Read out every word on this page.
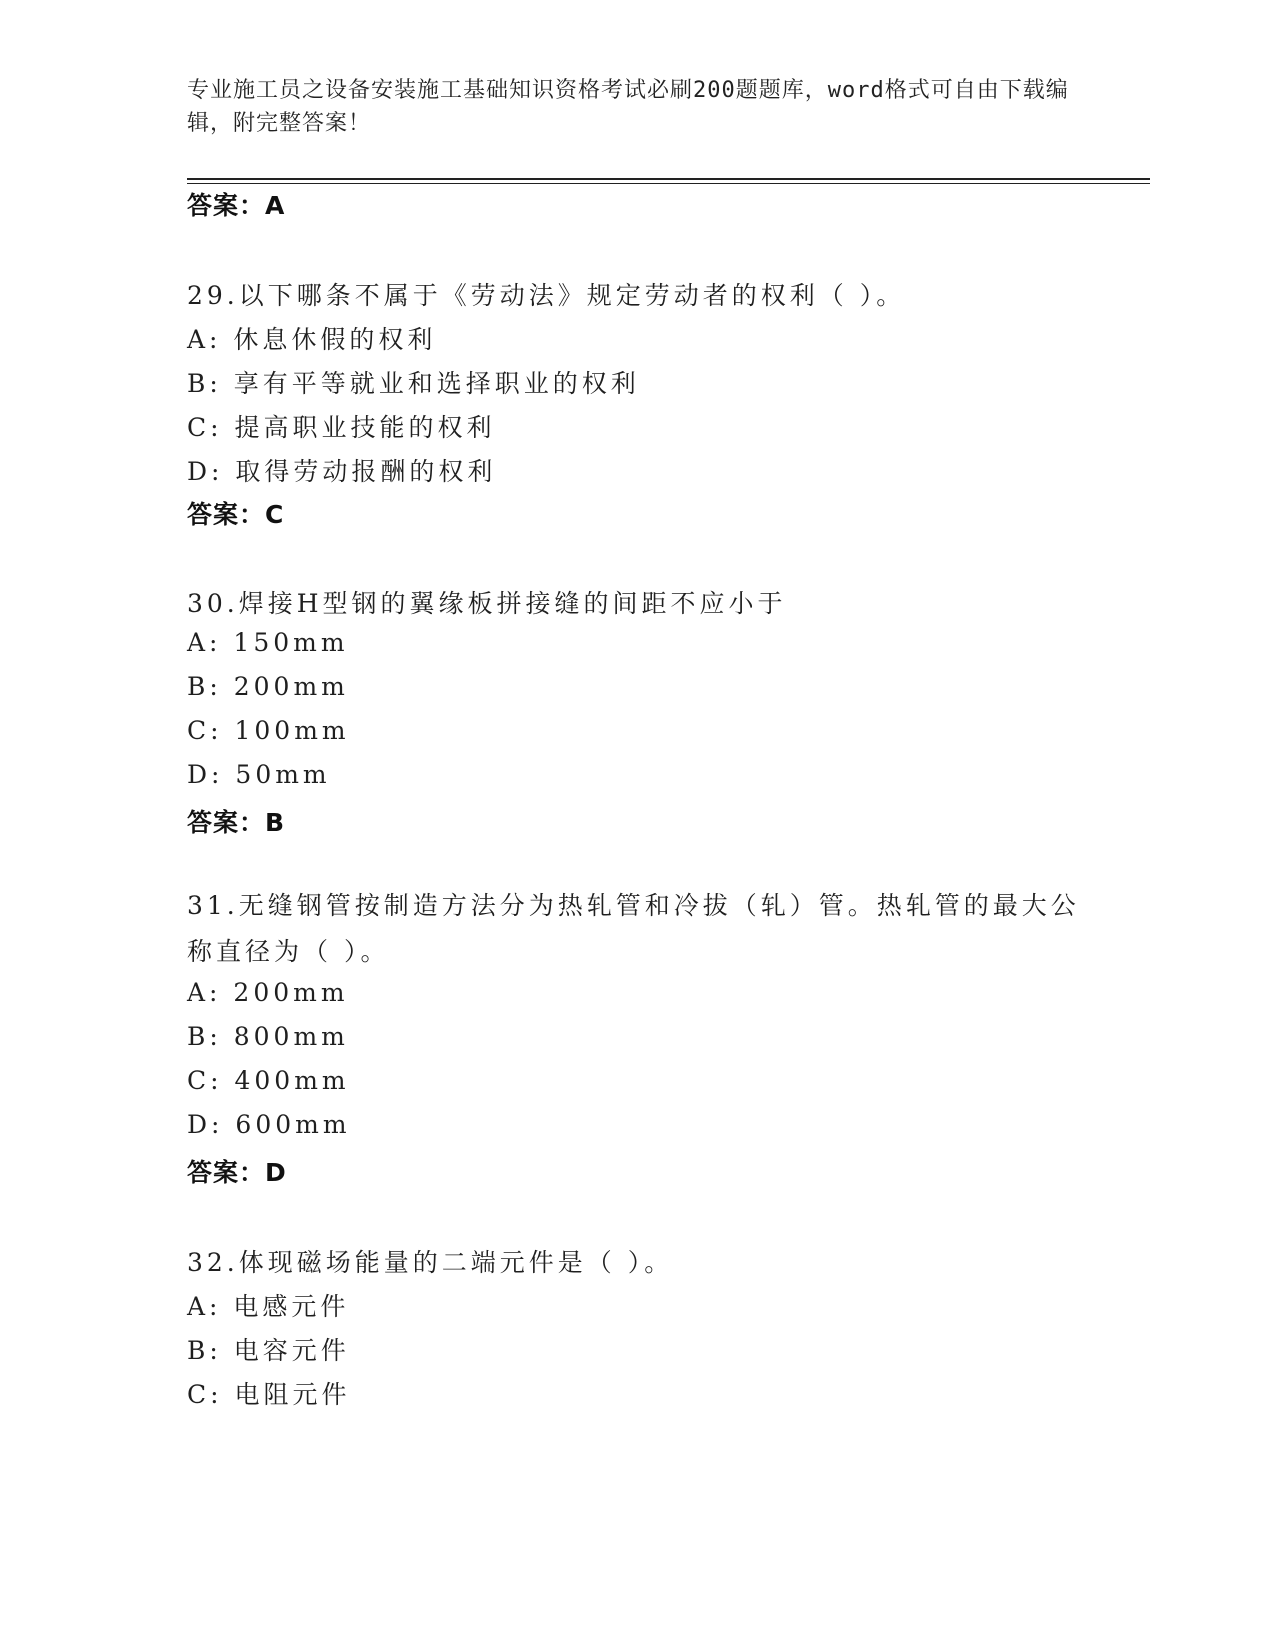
专业施工员之设备安装施工基础知识资格考试必刷200题题库，word格式可自由下载编辑，附完整答案！
答案：A
29.以下哪条不属于《劳动法》规定劳动者的权利（ ）。
A: 休息休假的权利
B: 享有平等就业和选择职业的权利
C: 提高职业技能的权利
D: 取得劳动报酬的权利
答案：C
30.焊接H型钢的翼缘板拼接缝的间距不应小于
A: 150mm
B: 200mm
C: 100mm
D: 50mm
答案：B
31.无缝钢管按制造方法分为热轧管和冷拔（轧）管。热轧管的最大公称直径为（ ）。
A: 200mm
B: 800mm
C: 400mm
D: 600mm
答案：D
32.体现磁场能量的二端元件是（ ）。
A: 电感元件
B: 电容元件
C: 电阻元件
